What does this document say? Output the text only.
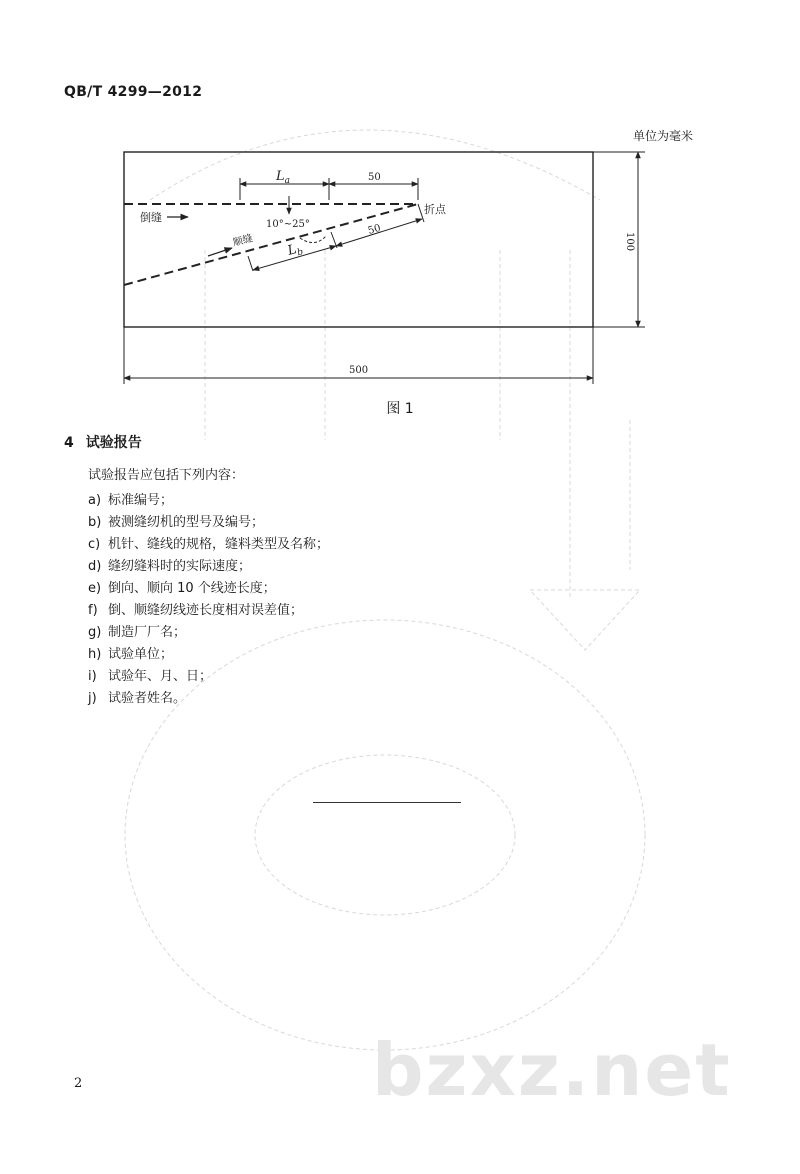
QB/T 4299—2012
单位为毫米
$L_a$	50
10°~25°
倒缝
顺缝
折点
$L_b$
50
100
500
图 1
4 试验报告
试验报告应包括下列内容：
a) 标准编号；
b) 被测缝纫机的型号及编号；
c) 机针、缝线的规格，缝料类型及名称；
d) 缝纫缝料时的实际速度；
e) 倒向、顺向 10 个线迹长度；
f) 倒、顺缝纫线迹长度相对误差值；
g) 制造厂厂名；
h) 试验单位；
i) 试验年、月、日；
j) 试验者姓名。
bzxz.net
2
